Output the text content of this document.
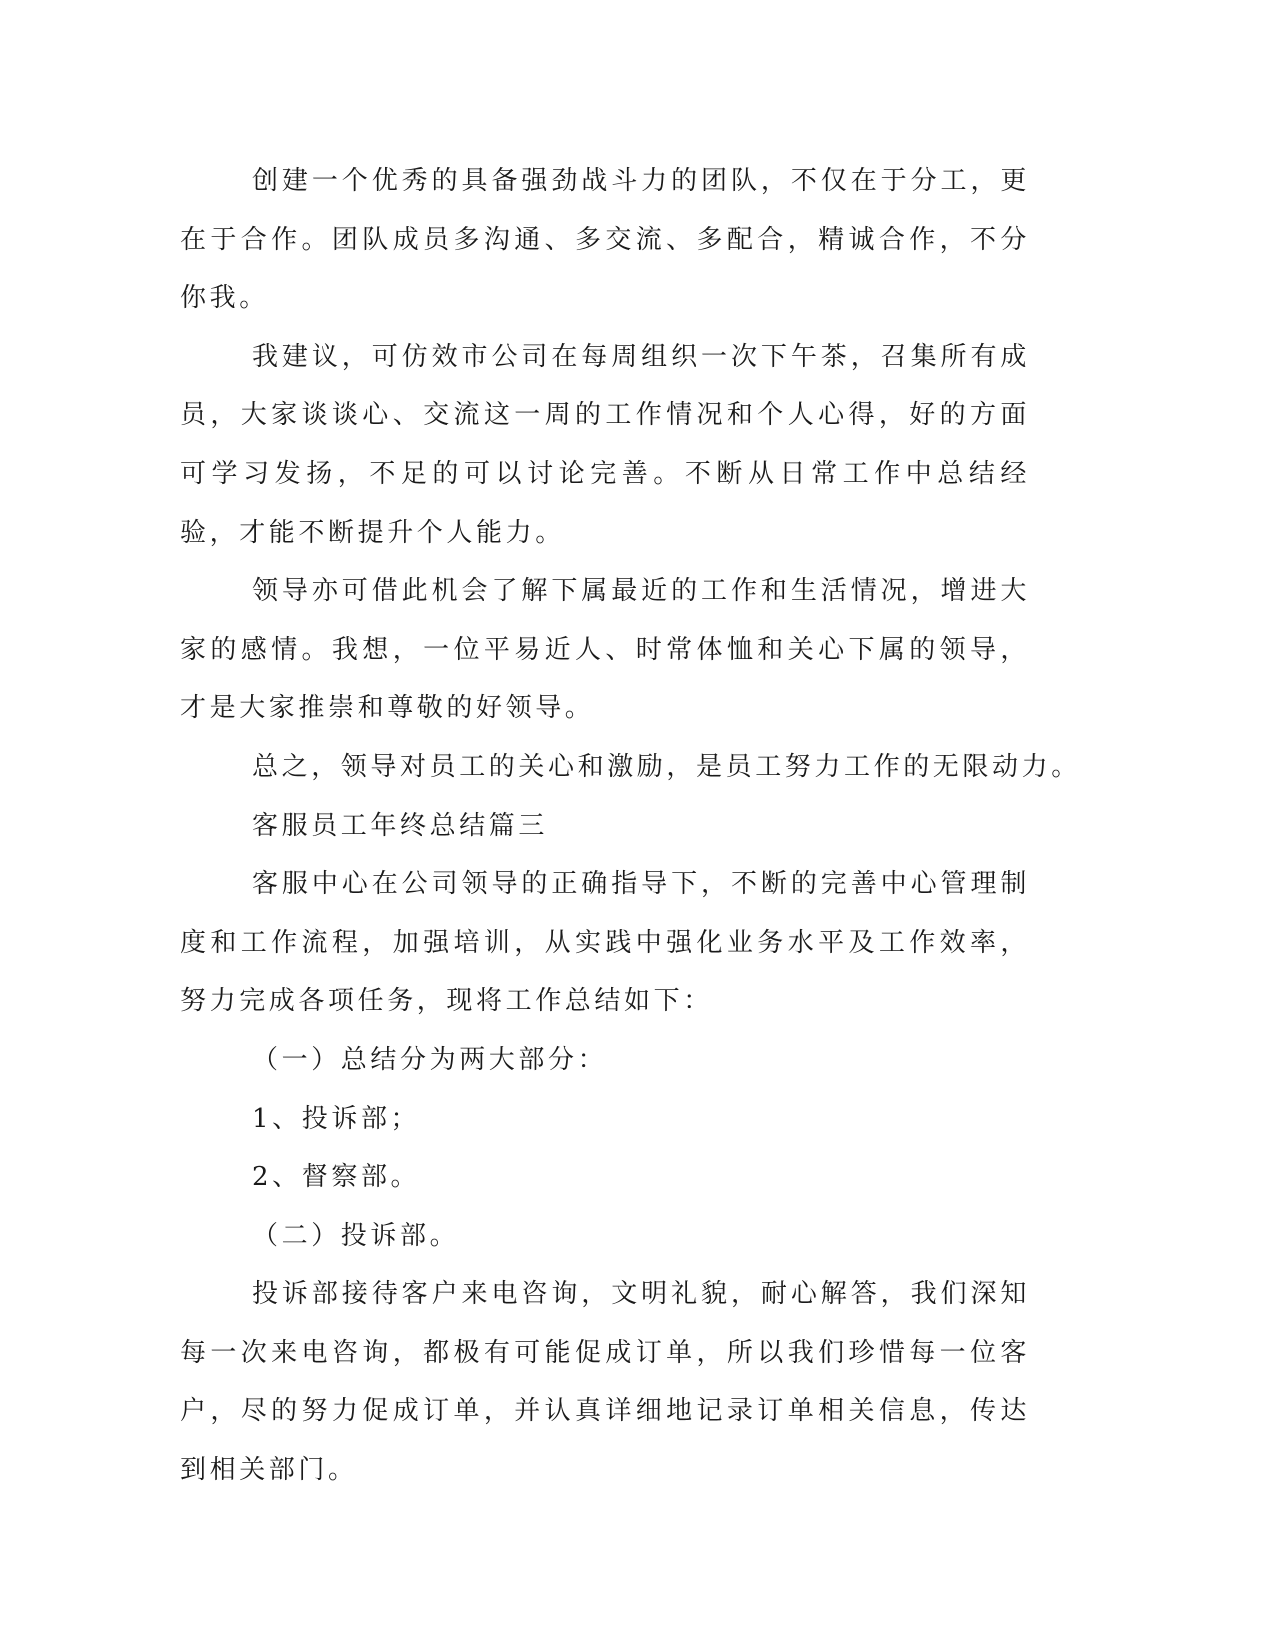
创建一个优秀的具备强劲战斗力的团队，不仅在于分工，更在于合作。团队成员多沟通、多交流、多配合，精诚合作，不分你我。

我建议，可仿效市公司在每周组织一次下午茶，召集所有成员，大家谈谈心、交流这一周的工作情况和个人心得，好的方面可学习发扬，不足的可以讨论完善。不断从日常工作中总结经验，才能不断提升个人能力。

领导亦可借此机会了解下属最近的工作和生活情况，增进大家的感情。我想，一位平易近人、时常体恤和关心下属的领导，才是大家推崇和尊敬的好领导。

总之，领导对员工的关心和激励，是员工努力工作的无限动力。

客服员工年终总结篇三

客服中心在公司领导的正确指导下，不断的完善中心管理制度和工作流程，加强培训，从实践中强化业务水平及工作效率，努力完成各项任务，现将工作总结如下：

（一）总结分为两大部分：

1、投诉部；

2、督察部。

（二）投诉部。

投诉部接待客户来电咨询，文明礼貌，耐心解答，我们深知每一次来电咨询，都极有可能促成订单，所以我们珍惜每一位客户，尽的努力促成订单，并认真详细地记录订单相关信息，传达到相关部门。
